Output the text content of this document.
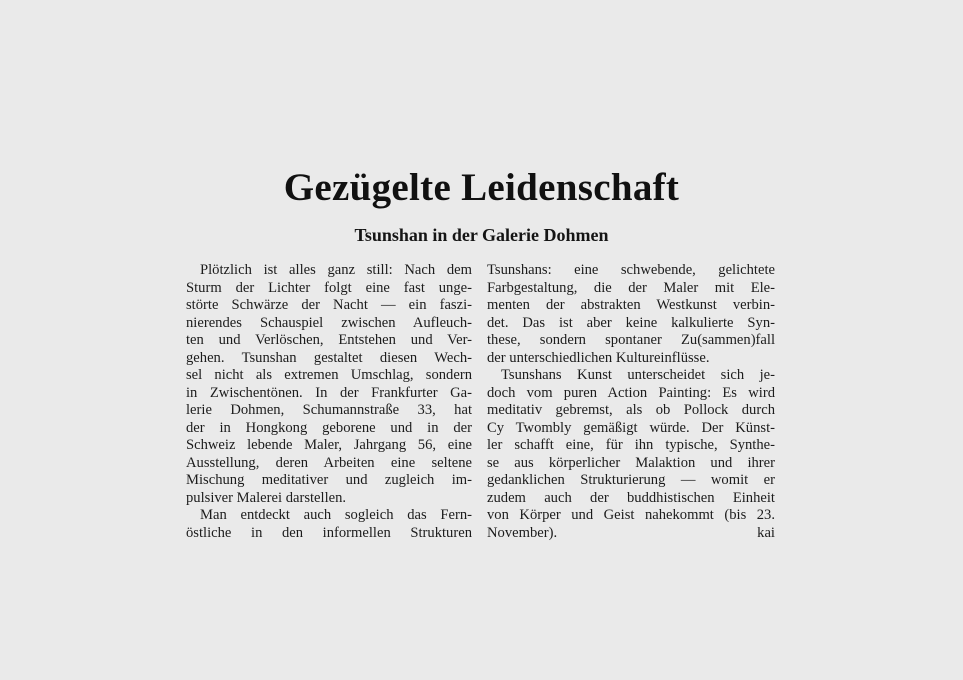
Gezügelte Leidenschaft
Tsunshan in der Galerie Dohmen
Plötzlich ist alles ganz still: Nach dem
Sturm der Lichter folgt eine fast unge-
störte Schwärze der Nacht — ein faszi-
nierendes Schauspiel zwischen Aufleuch-
ten und Verlöschen, Entstehen und Ver-
gehen. Tsunshan gestaltet diesen Wech-
sel nicht als extremen Umschlag, sondern
in Zwischentönen. In der Frankfurter Ga-
lerie Dohmen, Schumannstraße 33, hat
der in Hongkong geborene und in der
Schweiz lebende Maler, Jahrgang 56, eine
Ausstellung, deren Arbeiten eine seltene
Mischung meditativer und zugleich im-
pulsiver Malerei darstellen.
Man entdeckt auch sogleich das Fern-
östliche in den informellen Strukturen
Tsunshans: eine schwebende, gelichtete
Farbgestaltung, die der Maler mit Ele-
menten der abstrakten Westkunst verbin-
det. Das ist aber keine kalkulierte Syn-
these, sondern spontaner Zu(sammen)fall
der unterschiedlichen Kultureinflüsse.
Tsunshans Kunst unterscheidet sich je-
doch vom puren Action Painting: Es wird
meditativ gebremst, als ob Pollock durch
Cy Twombly gemäßigt würde. Der Künst-
ler schafft eine, für ihn typische, Synthe-
se aus körperlicher Malaktion und ihrer
gedanklichen Strukturierung — womit er
zudem auch der buddhistischen Einheit
von Körper und Geist nahekommt (bis 23.
November).	kai
